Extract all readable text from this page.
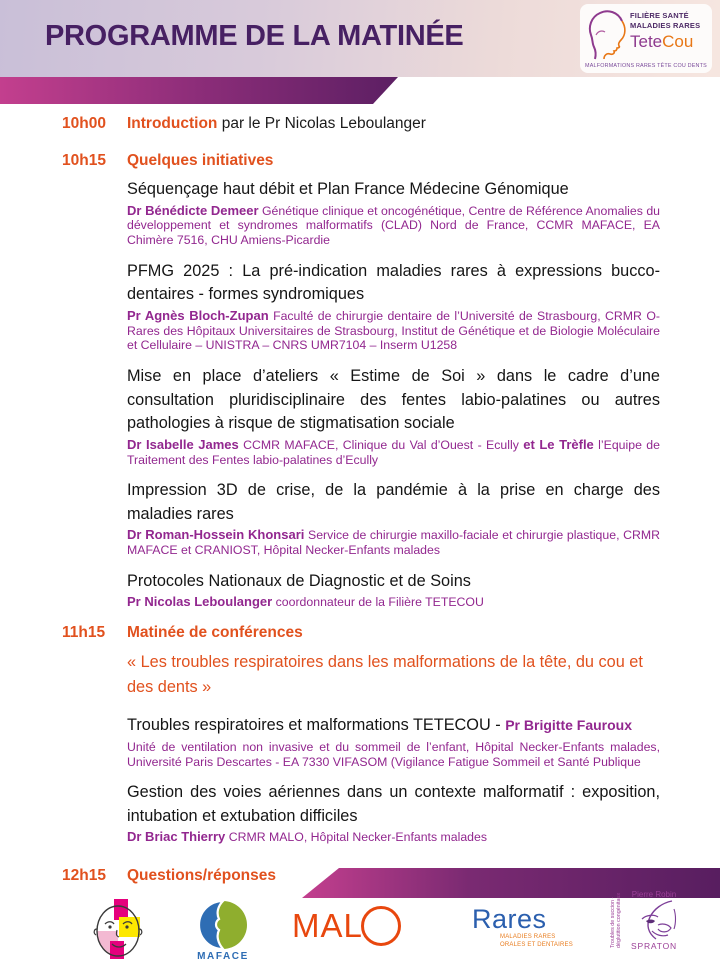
PROGRAMME DE LA MATINÉE
FILIÈRE SANTÉ
MALADIES RARES
TeteCou
MALFORMATIONS RARES TÊTE COU DENTS
10h00	Introduction par le Pr Nicolas Leboulanger
10h15	Quelques initiatives

Séquençage haut débit et Plan France Médecine Génomique

Dr Bénédicte Demeer Génétique clinique et oncogénétique, Centre de Référence Anomalies du développement et syndromes malformatifs (CLAD) Nord de France, CCMR MAFACE, EA Chimère 7516, CHU Amiens-Picardie

PFMG 2025 : La pré-indication maladies rares à expressions bucco-dentaires - formes syndromiques

Pr Agnès Bloch-Zupan Faculté de chirurgie dentaire de l’Université de Strasbourg, CRMR O-Rares des Hôpitaux Universitaires de Strasbourg, Institut de Génétique et de Biologie Moléculaire et Cellulaire – UNISTRA – CNRS UMR7104 – Inserm U1258

Mise en place d’ateliers « Estime de Soi » dans le cadre d’une consultation pluridisciplinaire des fentes labio-palatines ou autres pathologies à risque de stigmatisation sociale

Dr Isabelle James CCMR MAFACE, Clinique du Val d’Ouest - Ecully et Le Trèfle l’Equipe de Traitement des Fentes labio-palatines d’Ecully

Impression 3D de crise, de la pandémie à la prise en charge des maladies rares

Dr Roman-Hossein Khonsari Service de chirurgie maxillo-faciale et chirurgie plastique, CRMR MAFACE et CRANIOST, Hôpital Necker-Enfants malades

Protocoles Nationaux de Diagnostic et de Soins

Pr Nicolas Leboulanger coordonnateur de la Filière TETECOU

11h15	Matinée de conférences

« Les troubles respiratoires dans les malformations de la tête, du cou et des dents »

Troubles respiratoires et malformations TETECOU - Pr Brigitte Fauroux

Unité de ventilation non invasive et du sommeil de l’enfant, Hôpital Necker-Enfants malades, Université Paris Descartes - EA 7330 VIFASOM (Vigilance Fatigue Sommeil et Santé Publique

Gestion des voies aériennes dans un contexte malformatif : exposition, intubation et extubation difficiles

Dr Briac Thierry CRMR MALO, Hôpital Necker-Enfants malades

12h15	Questions/réponses
MAFACE
MAL	Rares
MALADIES RARES
ORALES ET DENTAIRES	Troubles de succion - déglutition congénitaux Pierre Robin
SPRATON
